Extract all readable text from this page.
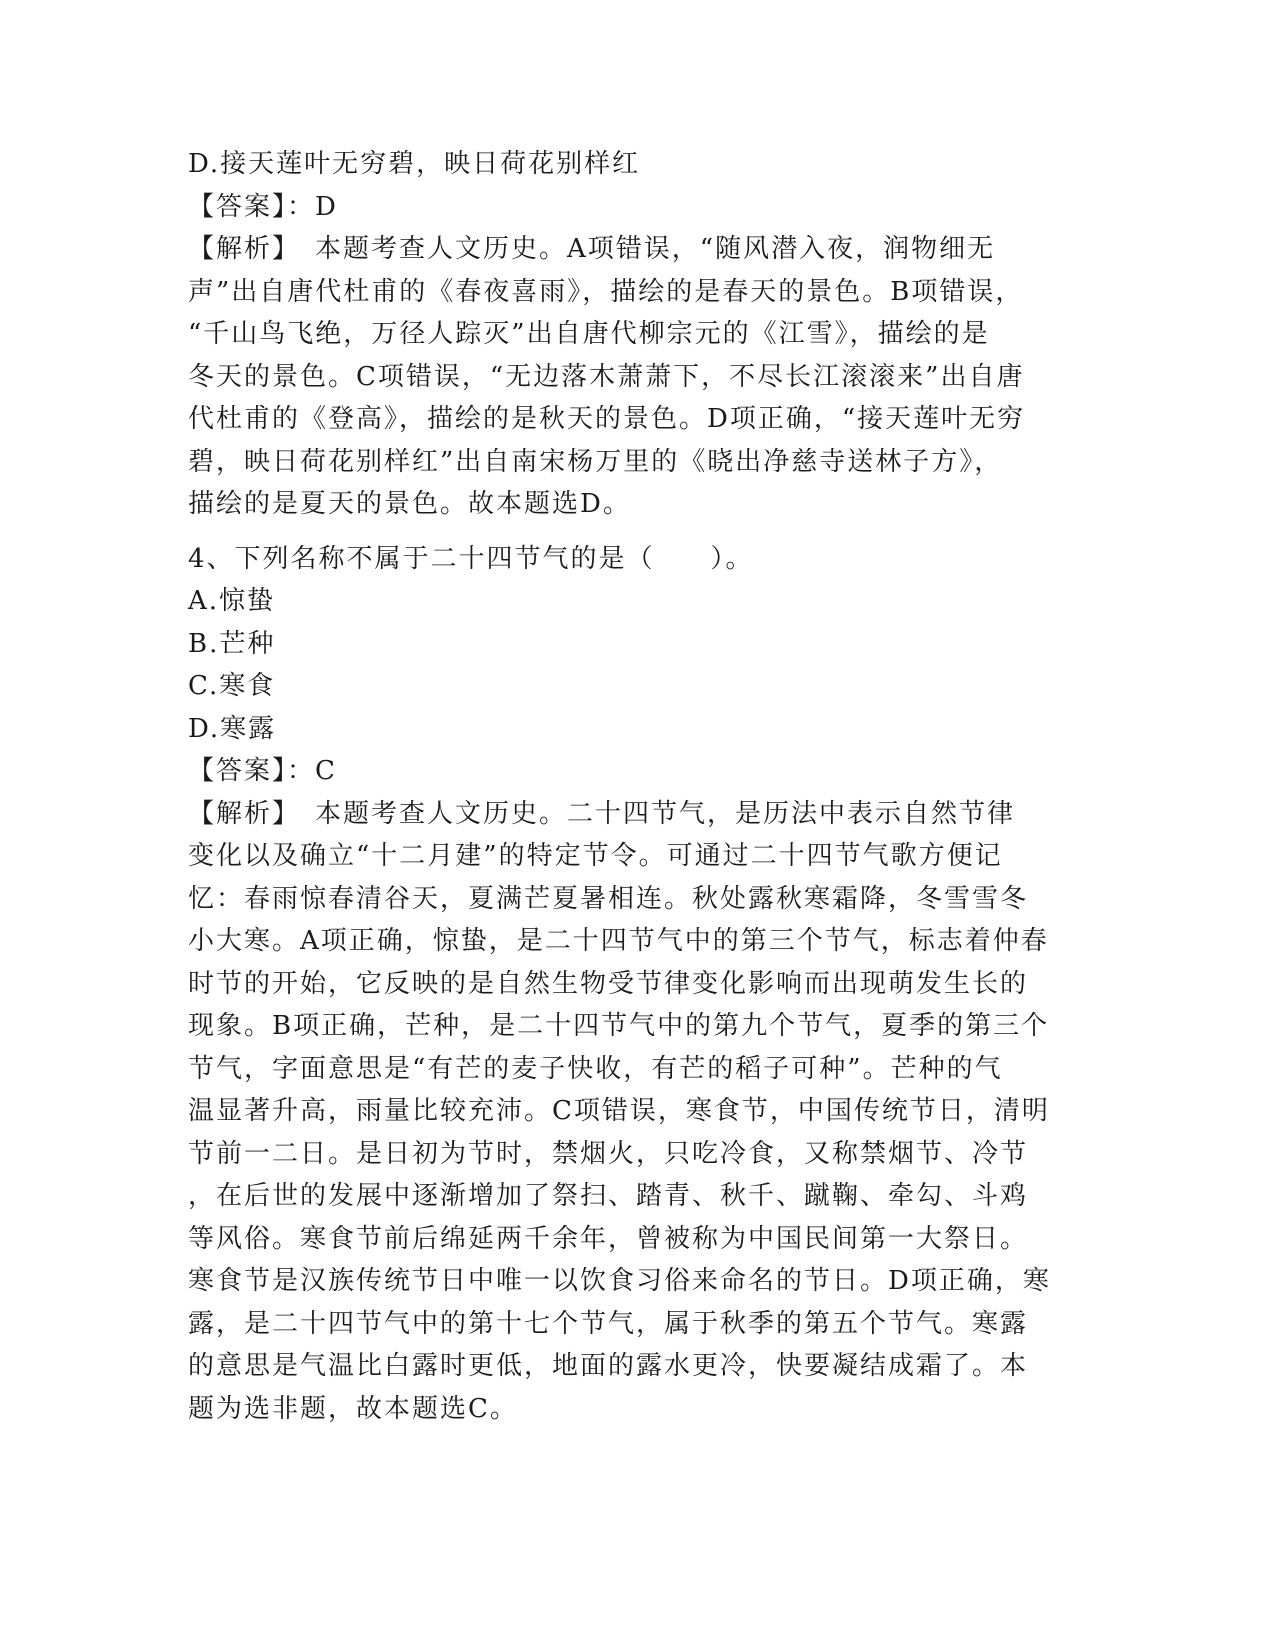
D.接天莲叶无穷碧，映日荷花别样红
【答案】：D
【解析】　本题考查人文历史。A项错误，“随风潜入夜，润物细无
声”出自唐代杜甫的《春夜喜雨》，描绘的是春天的景色。B项错误，
“千山鸟飞绝，万径人踪灭”出自唐代柳宗元的《江雪》，描绘的是
冬天的景色。C项错误，“无边落木萧萧下，不尽长江滚滚来”出自唐
代杜甫的《登高》，描绘的是秋天的景色。D项正确，“接天莲叶无穷
碧，映日荷花别样红”出自南宋杨万里的《晓出净慈寺送林子方》，
描绘的是夏天的景色。故本题选D。
4、下列名称不属于二十四节气的是（　　）。
A.惊蛰
B.芒种
C.寒食
D.寒露
【答案】：C
【解析】　本题考查人文历史。二十四节气，是历法中表示自然节律
变化以及确立“十二月建”的特定节令。可通过二十四节气歌方便记
忆：春雨惊春清谷天，夏满芒夏暑相连。秋处露秋寒霜降，冬雪雪冬
小大寒。A项正确，惊蛰，是二十四节气中的第三个节气，标志着仲春
时节的开始，它反映的是自然生物受节律变化影响而出现萌发生长的
现象。B项正确，芒种，是二十四节气中的第九个节气，夏季的第三个
节气，字面意思是“有芒的麦子快收，有芒的稻子可种”。芒种的气
温显著升高，雨量比较充沛。C项错误，寒食节，中国传统节日，清明
节前一二日。是日初为节时，禁烟火，只吃冷食，又称禁烟节、冷节
，在后世的发展中逐渐增加了祭扫、踏青、秋千、蹴鞠、牵勾、斗鸡
等风俗。寒食节前后绵延两千余年，曾被称为中国民间第一大祭日。
寒食节是汉族传统节日中唯一以饮食习俗来命名的节日。D项正确，寒
露，是二十四节气中的第十七个节气，属于秋季的第五个节气。寒露
的意思是气温比白露时更低，地面的露水更冷，快要凝结成霜了。本
题为选非题，故本题选C。
